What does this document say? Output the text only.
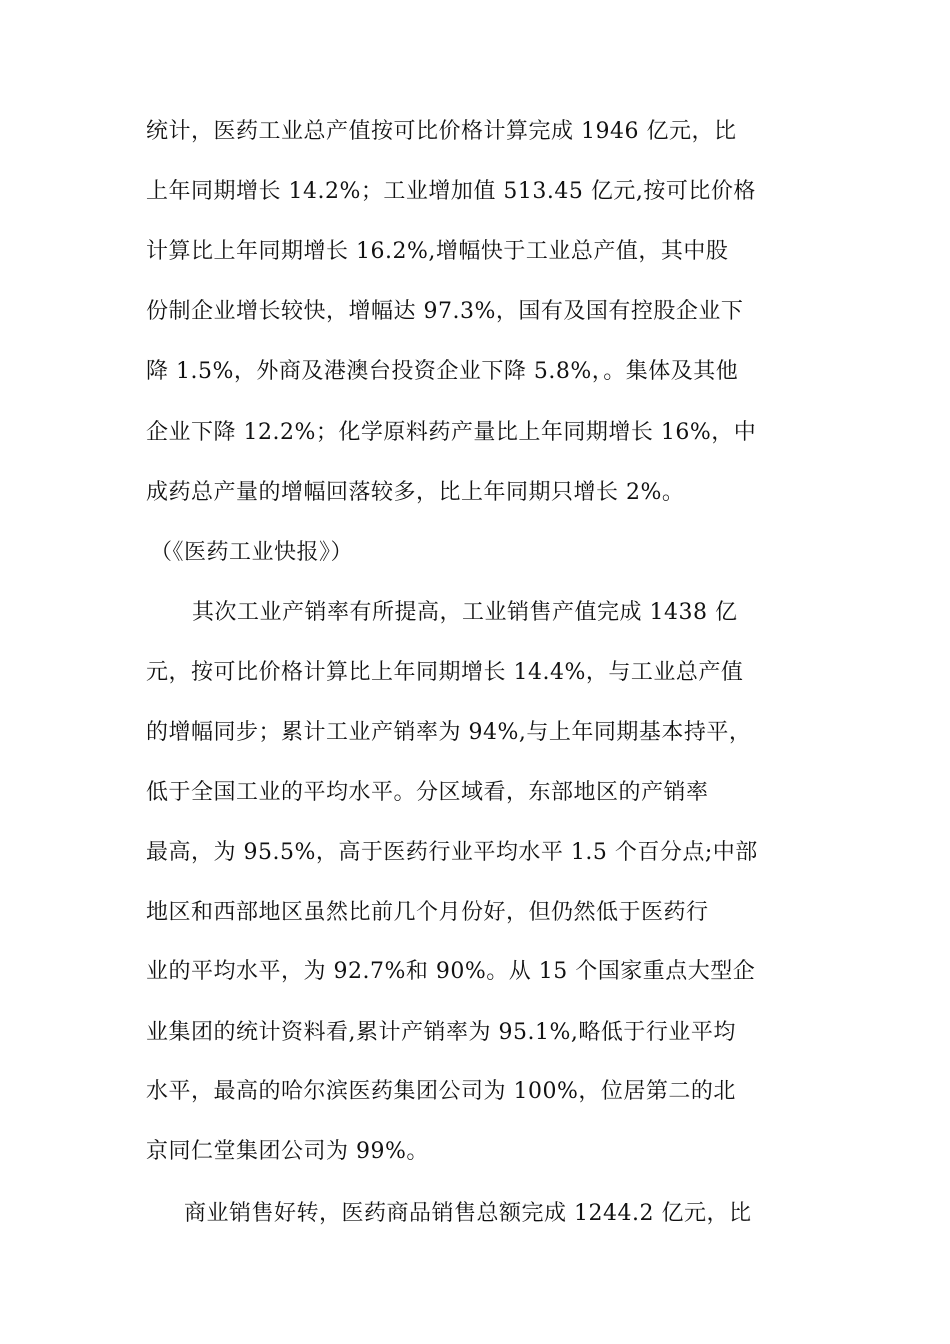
统计，医药工业总产值按可比价格计算完成 1946 亿元，比
上年同期增长 14.2%；工业增加值 513.45 亿元,按可比价格
计算比上年同期增长 16.2%,增幅快于工业总产值，其中股
份制企业增长较快，增幅达 97.3%，国有及国有控股企业下
降 1.5%，外商及港澳台投资企业下降 5.8%，。集体及其他
企业下降 12.2%；化学原料药产量比上年同期增长 16%，中
成药总产量的增幅回落较多，比上年同期只增长 2%。
（《医药工业快报》）
其次工业产销率有所提高，工业销售产值完成 1438 亿
元，按可比价格计算比上年同期增长 14.4%，与工业总产值
的增幅同步；累计工业产销率为 94%,与上年同期基本持平，
低于全国工业的平均水平。分区域看，东部地区的产销率
最高，为 95.5%，高于医药行业平均水平 1.5 个百分点;中部
地区和西部地区虽然比前几个月份好，但仍然低于医药行
业的平均水平，为 92.7%和 90%。从 15 个国家重点大型企
业集团的统计资料看,累计产销率为 95.1%,略低于行业平均
水平，最高的哈尔滨医药集团公司为 100%，位居第二的北
京同仁堂集团公司为 99%。
商业销售好转，医药商品销售总额完成 1244.2 亿元，比
